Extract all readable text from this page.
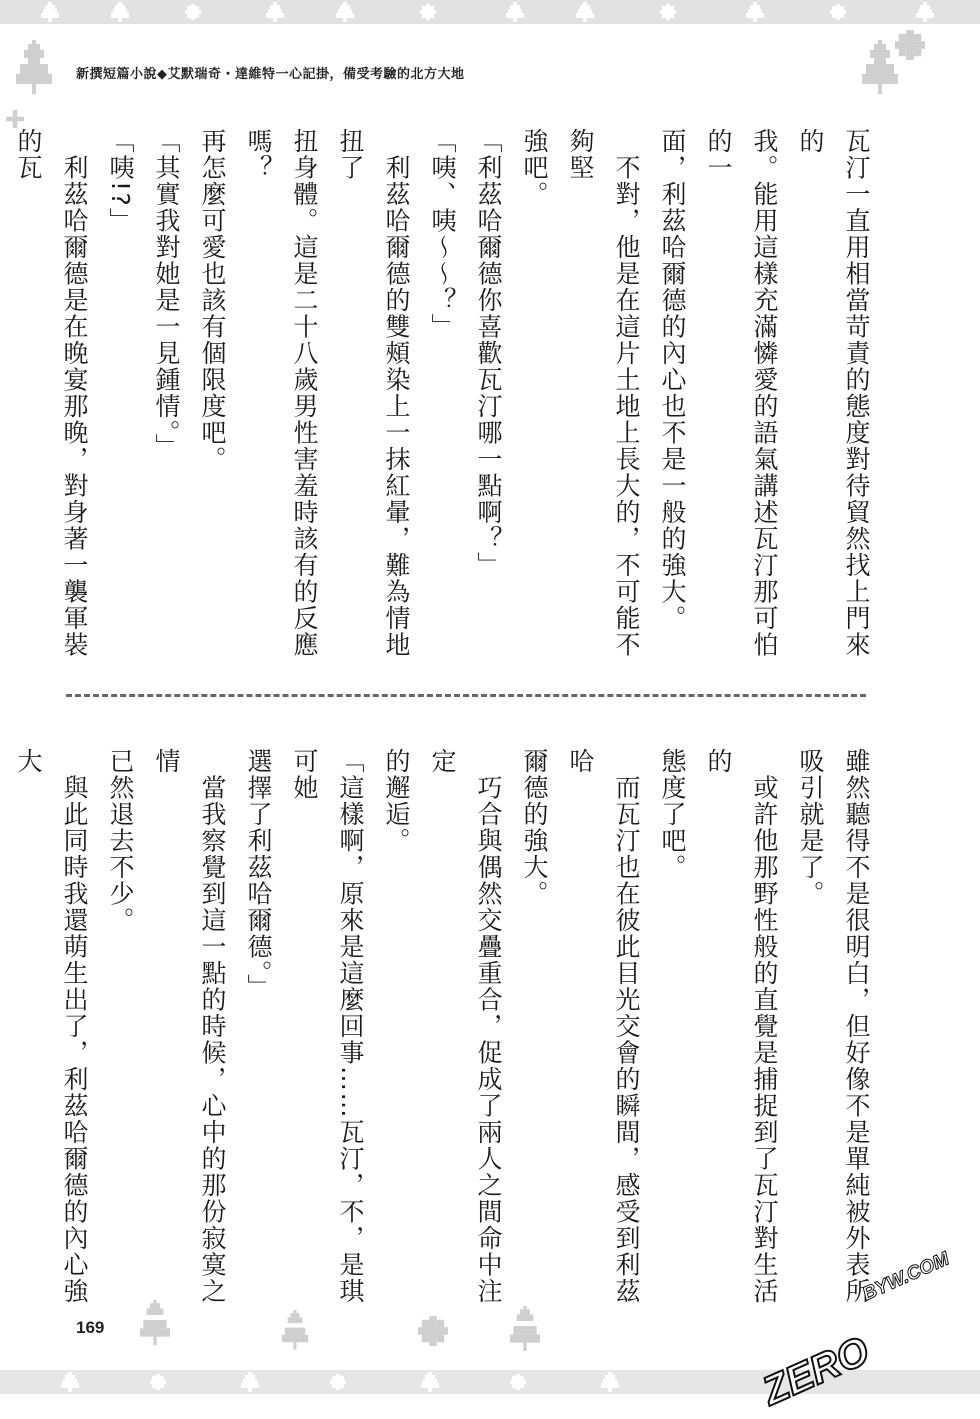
新撰短篇小說◆艾默瑞奇・達維特一心記掛，備受考驗的北方大地

瓦汀一直用相當苛責的態度對待貿然找上門來的

我。能用這樣充滿憐愛的語氣講述瓦汀那可怕的一

面，利茲哈爾德的內心也不是一般的強大。

　不對，他是在這片土地上長大的，不可能不夠堅

強吧。

「利茲哈爾德你喜歡瓦汀哪一點啊？」

「咦、咦〜〜？」

　利茲哈爾德的雙頰染上一抹紅暈，難為情地扭了

扭身體。這是二十八歲男性害羞時該有的反應嗎？

再怎麼可愛也該有個限度吧。

「其實我對她是一見鍾情。」

「咦!?」

　利茲哈爾德是在晚宴那晚，對身著一襲軍裝的瓦

雖然聽得不是很明白，但好像不是單純被外表所

吸引就是了。

　或許他那野性般的直覺是捕捉到了瓦汀對生活的

態度了吧。

　而瓦汀也在彼此目光交會的瞬間，感受到利茲哈

爾德的強大。

　巧合與偶然交疊重合，促成了兩人之間命中注定

的邂逅。

「這樣啊，原來是這麼回事……瓦汀，不，是琪可她

選擇了利茲哈爾德。」

　當我察覺到這一點的時候，心中的那份寂寞之情

已然退去不少。

　與此同時我還萌生出了，利茲哈爾德的內心強大

169
ZERO
BYW.COM
